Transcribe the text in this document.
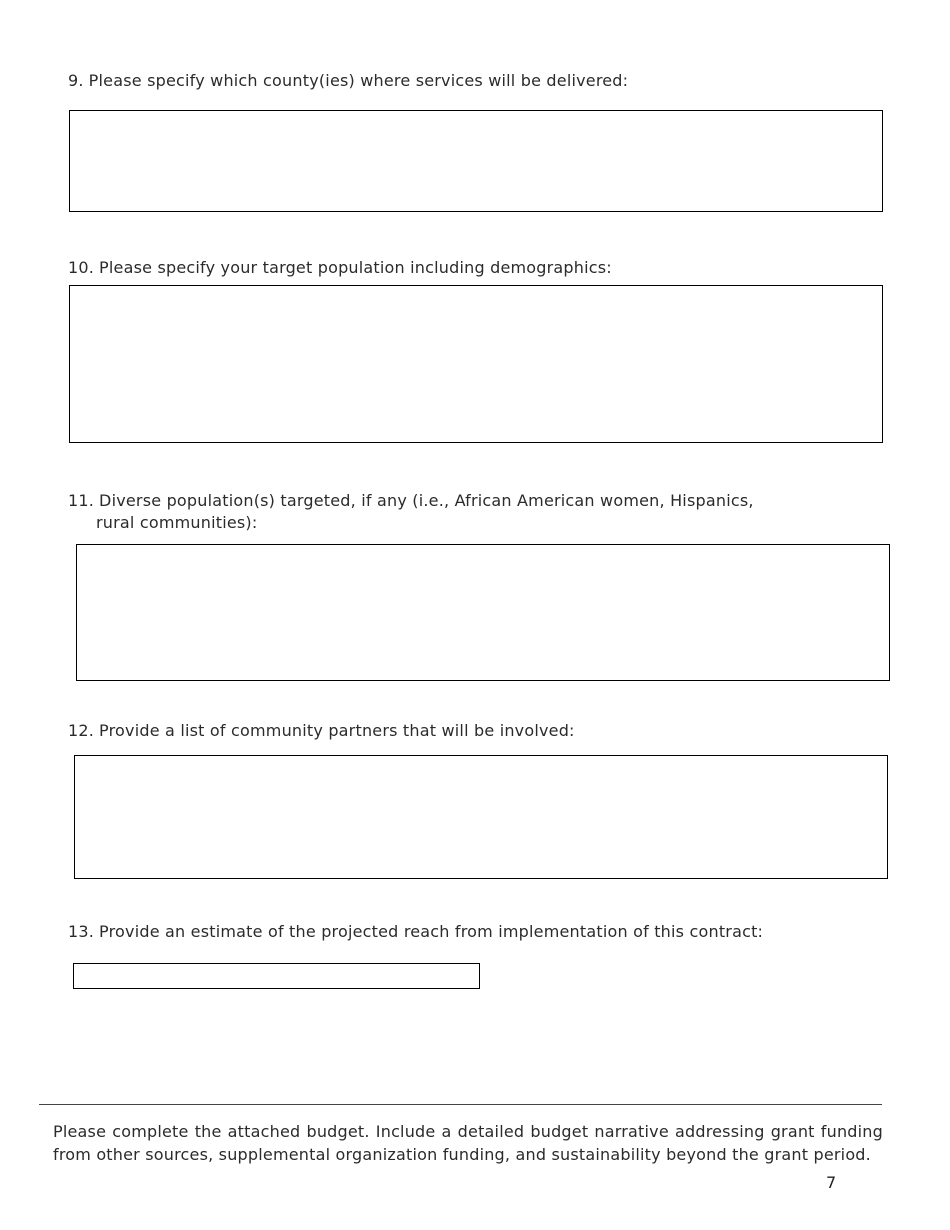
9. Please specify which county(ies) where services will be delivered:
10. Please specify your target population including demographics:
11. Diverse population(s) targeted, if any (i.e., African American women, Hispanics,
rural communities):
12. Provide a list of community partners that will be involved:
13. Provide an estimate of the projected reach from implementation of this contract:
Please complete the attached budget. Include a detailed budget narrative addressing grant funding from other sources, supplemental organization funding, and sustainability beyond the grant period.
7
